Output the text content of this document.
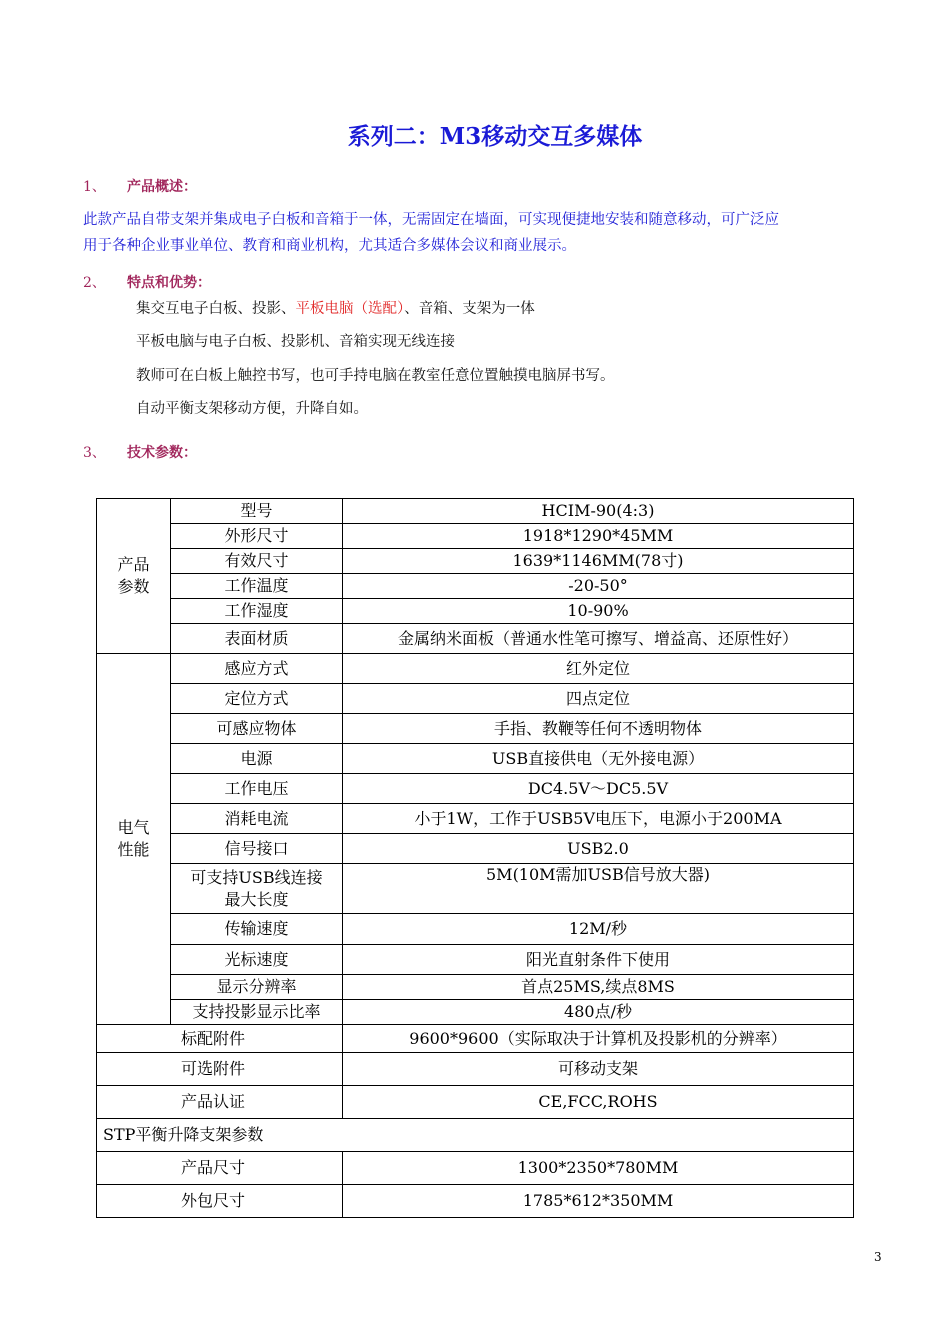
系列二：M3移动交互多媒体
1、 产品概述：
此款产品自带支架并集成电子白板和音箱于一体，无需固定在墙面，可实现便捷地安装和随意移动，可广泛应
用于各种企业事业单位、教育和商业机构，尤其适合多媒体会议和商业展示。
2、 特点和优势：
集交互电子白板、投影、平板电脑（选配）、音箱、支架为一体
平板电脑与电子白板、投影机、音箱实现无线连接
教师可在白板上触控书写，也可手持电脑在教室任意位置触摸电脑屏书写。
自动平衡支架移动方便，升降自如。
3、 技术参数：
产品
参数	型号	HCIM-90(4:3)
	外形尺寸	1918*1290*45MM
	有效尺寸	1639*1146MM(78寸)
	工作温度	-20-50°
	工作湿度	10-90%
	表面材质	金属纳米面板（普通水性笔可擦写、增益高、还原性好）

电气
性能	感应方式	红外定位
	定位方式	四点定位
	可感应物体	手指、教鞭等任何不透明物体
	电源	USB直接供电（无外接电源）
	工作电压	DC4.5V～DC5.5V
	消耗电流	小于1W，工作于USB5V电压下，电源小于200MA
	信号接口	USB2.0

	可支持USB线连接
最大长度	5M(10M需加USB信号放大器)
	传输速度	12M/秒
	光标速度	阳光直射条件下使用
	显示分辨率	首点25MS,续点8MS
	支持投影显示比率	480点/秒
标配附件		9600*9600（实际取决于计算机及投影机的分辨率）
可选附件		可移动支架
产品认证		CE,FCC,ROHS
STP平衡升降支架参数		
产品尺寸		1300*2350*780MM
外包尺寸		1785*612*350MM
3
